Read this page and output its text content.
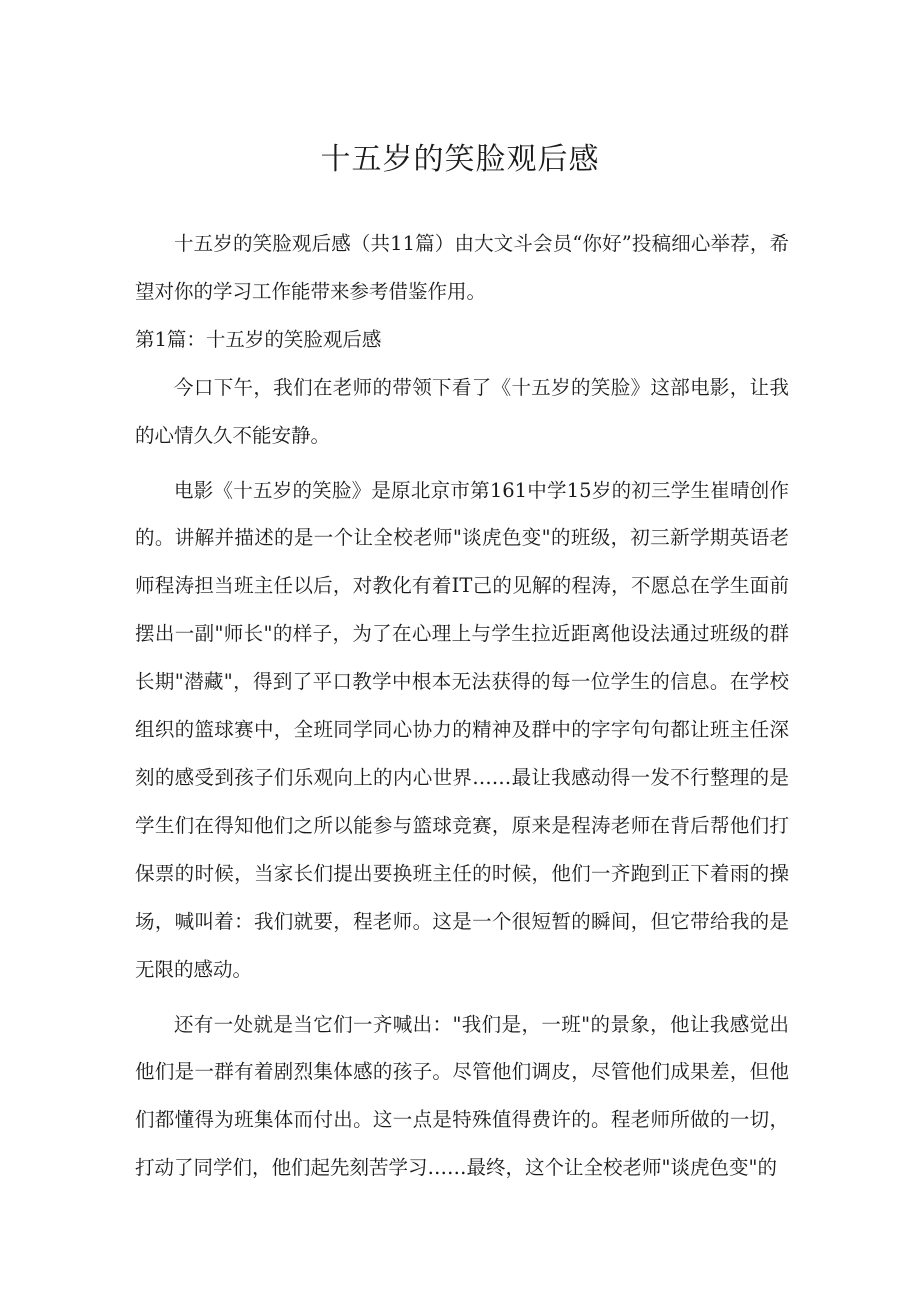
十五岁的笑脸观后感

十五岁的笑脸观后感（共11篇）由大文斗会员“你好”投稿细心举荐，希望对你的学习工作能带来参考借鉴作用。

第1篇：十五岁的笑脸观后感

今口下午，我们在老师的带领下看了《十五岁的笑脸》这部电影，让我的心情久久不能安静。

电影《十五岁的笑脸》是原北京市第161中学15岁的初三学生崔晴创作的。讲解并描述的是一个让全校老师"谈虎色变"的班级，初三新学期英语老师程涛担当班主任以后，对教化有着IT己的见解的程涛，不愿总在学生面前摆出一副"师长"的样子，为了在心理上与学生拉近距离他设法通过班级的群长期"潜藏"，得到了平口教学中根本无法获得的每一位学生的信息。在学校组织的篮球赛中，全班同学同心协力的精神及群中的字字句句都让班主任深刻的感受到孩子们乐观向上的内心世界……最让我感动得一发不行整理的是学生们在得知他们之所以能参与篮球竞赛，原来是程涛老师在背后帮他们打保票的时候，当家长们提出要换班主任的时候，他们一齐跑到正下着雨的操场，喊叫着：我们就要，程老师。这是一个很短暂的瞬间，但它带给我的是无限的感动。

还有一处就是当它们一齐喊出："我们是，一班"的景象，他让我感觉出他们是一群有着剧烈集体感的孩子。尽管他们调皮，尽管他们成果差，但他们都懂得为班集体而付出。这一点是特殊值得费许的。程老师所做的一切，打动了同学们，他们起先刻苦学习……最终，这个让全校老师"谈虎色变"的
